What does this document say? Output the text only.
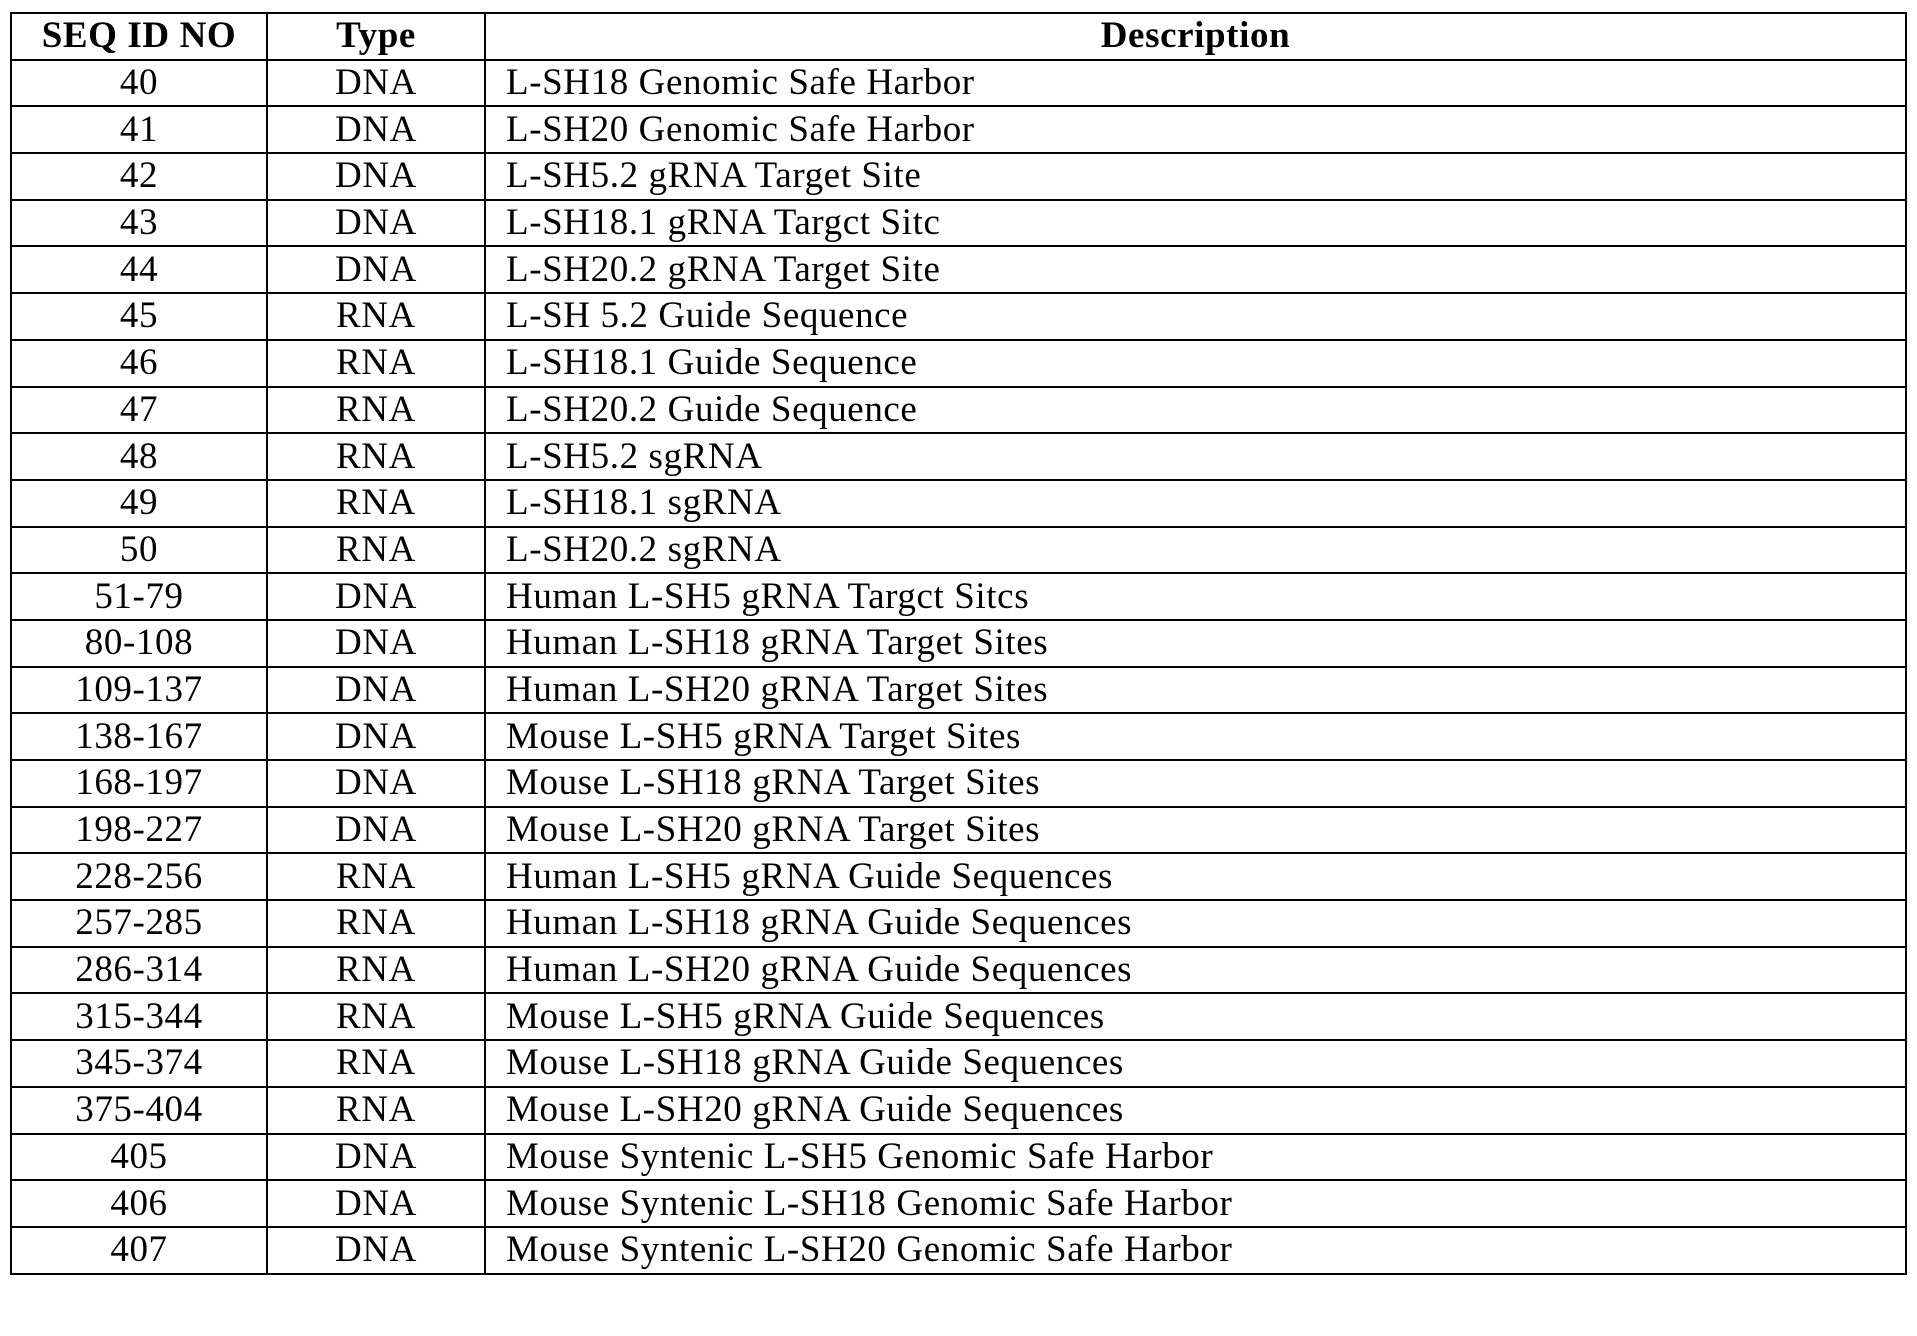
SEQ ID NO	Type	Description
40	DNA	L-SH18 Genomic Safe Harbor
41	DNA	L-SH20 Genomic Safe Harbor
42	DNA	L-SH5.2 gRNA Target Site
43	DNA	L-SH18.1 gRNA Targct Sitc
44	DNA	L-SH20.2 gRNA Target Site
45	RNA	L-SH 5.2 Guide Sequence
46	RNA	L-SH18.1 Guide Sequence
47	RNA	L-SH20.2 Guide Sequence
48	RNA	L-SH5.2 sgRNA
49	RNA	L-SH18.1 sgRNA
50	RNA	L-SH20.2 sgRNA
51-79	DNA	Human L-SH5 gRNA Targct Sitcs
80-108	DNA	Human L-SH18 gRNA Target Sites
109-137	DNA	Human L-SH20 gRNA Target Sites
138-167	DNA	Mouse L-SH5 gRNA Target Sites
168-197	DNA	Mouse L-SH18 gRNA Target Sites
198-227	DNA	Mouse L-SH20 gRNA Target Sites
228-256	RNA	Human L-SH5 gRNA Guide Sequences
257-285	RNA	Human L-SH18 gRNA Guide Sequences
286-314	RNA	Human L-SH20 gRNA Guide Sequences
315-344	RNA	Mouse L-SH5 gRNA Guide Sequences
345-374	RNA	Mouse L-SH18 gRNA Guide Sequences
375-404	RNA	Mouse L-SH20 gRNA Guide Sequences
405	DNA	Mouse Syntenic L-SH5 Genomic Safe Harbor
406	DNA	Mouse Syntenic L-SH18 Genomic Safe Harbor
407	DNA	Mouse Syntenic L-SH20 Genomic Safe Harbor
